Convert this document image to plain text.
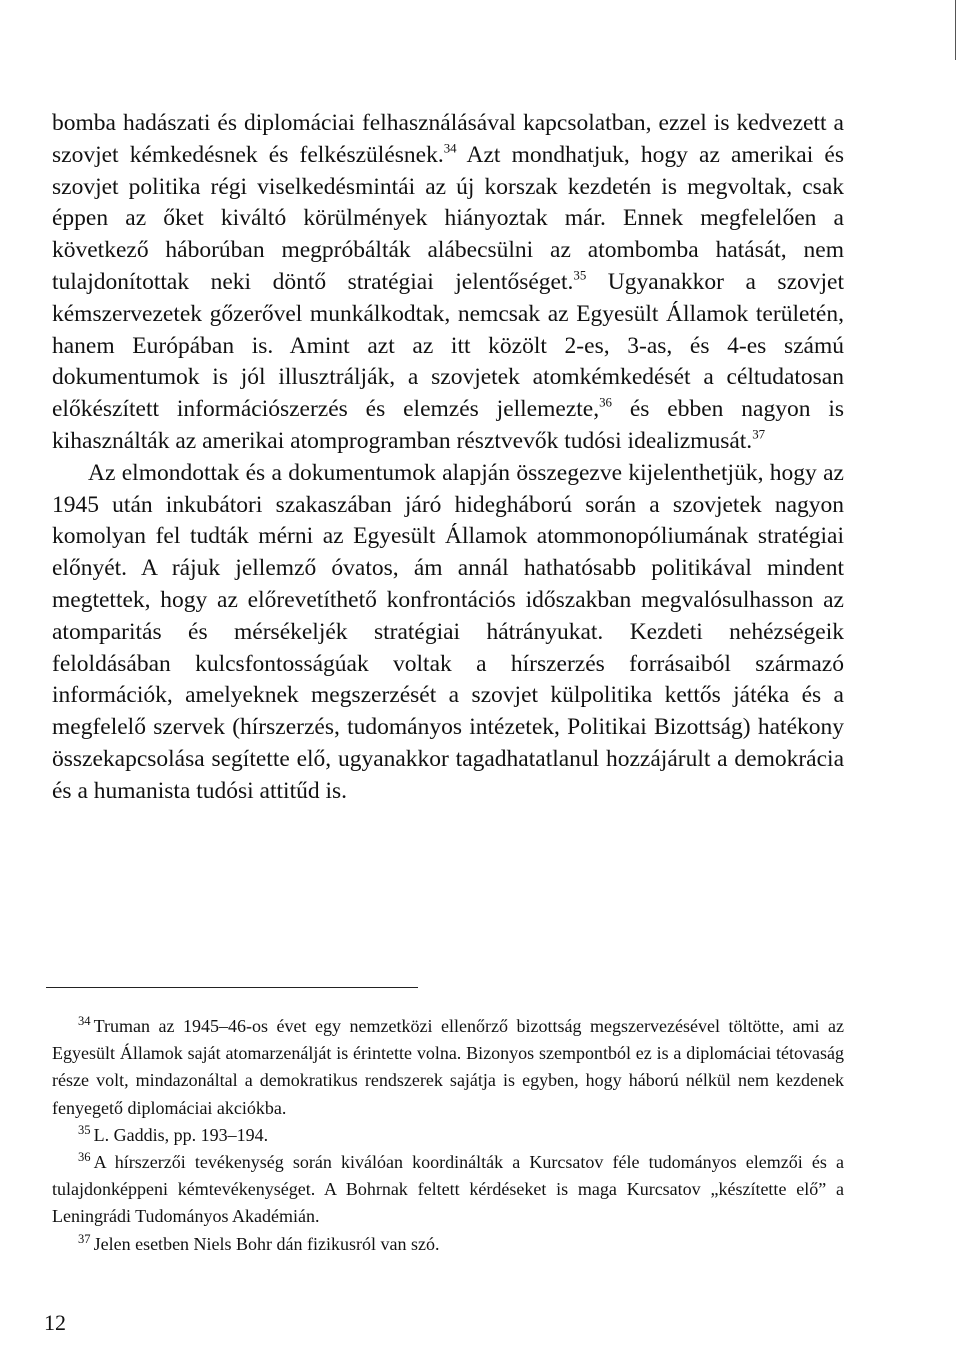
bomba hadászati és diplomáciai felhasználásával kapcsolatban, ezzel is kedvezett a szovjet kémkedésnek és felkészülésnek.$^{34}$ Azt mondhatjuk, hogy az amerikai és szovjet politika régi viselkedésmintái az új korszak kezdetén is megvoltak, csak éppen az őket kiváltó körülmények hiányoztak már. Ennek megfelelően a következő háborúban megpróbálták alábecsülni az atombomba hatását, nem tulajdonítottak neki döntő stratégiai jelentőséget.$^{35}$ Ugyanakkor a szovjet kémszervezetek gőzerővel munkálkodtak, nemcsak az Egyesült Államok területén, hanem Európában is. Amint azt az itt közölt 2-es, 3-as, és 4-es számú dokumentumok is jól illusztrálják, a szovjetek atomkémkedését a céltudatosan előkészített információszerzés és elemzés jellemezte,$^{36}$ és ebben nagyon is kihasználták az amerikai atomprogramban résztvevők tudósi idealizmusát.$^{37}$

Az elmondottak és a dokumentumok alapján összegezve kijelenthetjük, hogy az 1945 után inkubátori szakaszában járó hidegháború során a szovjetek nagyon komolyan fel tudták mérni az Egyesült Államok atommonopóliumának stratégiai előnyét. A rájuk jellemző óvatos, ám annál hathatósabb politikával mindent megtettek, hogy az előrevetíthető konfrontációs időszakban megvalósulhasson az atomparitás és mérsékeljék stratégiai hátrányukat. Kezdeti nehézségeik feloldásában kulcsfontosságúak voltak a hírszerzés forrásaiból származó információk, amelyeknek megszerzését a szovjet külpolitika kettős játéka és a megfelelő szervek (hírszerzés, tudományos intézetek, Politikai Bizottság) hatékony összekapcsolása segítette elő, ugyanakkor tagadhatatlanul hozzájárult a demokrácia és a humanista tudósi attitűd is.

$^{34}$ Truman az 1945–46-os évet egy nemzetközi ellenőrző bizottság megszervezésével töltötte, ami az Egyesült Államok saját atomarzenálját is érintette volna. Bizonyos szempontból ez is a diplomáciai tétovaság része volt, mindazonáltal a demokratikus rendszerek sajátja is egyben, hogy háború nélkül nem kezdenek fenyegető diplomáciai akciókba.

$^{35}$ L. Gaddis, pp. 193–194.

$^{36}$ A hírszerzői tevékenység során kiválóan koordinálták a Kurcsatov féle tudományos elemzői és a tulajdonképpeni kémtevékenységet. A Bohrnak feltett kérdéseket is maga Kurcsatov „készítette elő” a Leningrádi Tudományos Akadémián.

$^{37}$ Jelen esetben Niels Bohr dán fizikusról van szó.

12
